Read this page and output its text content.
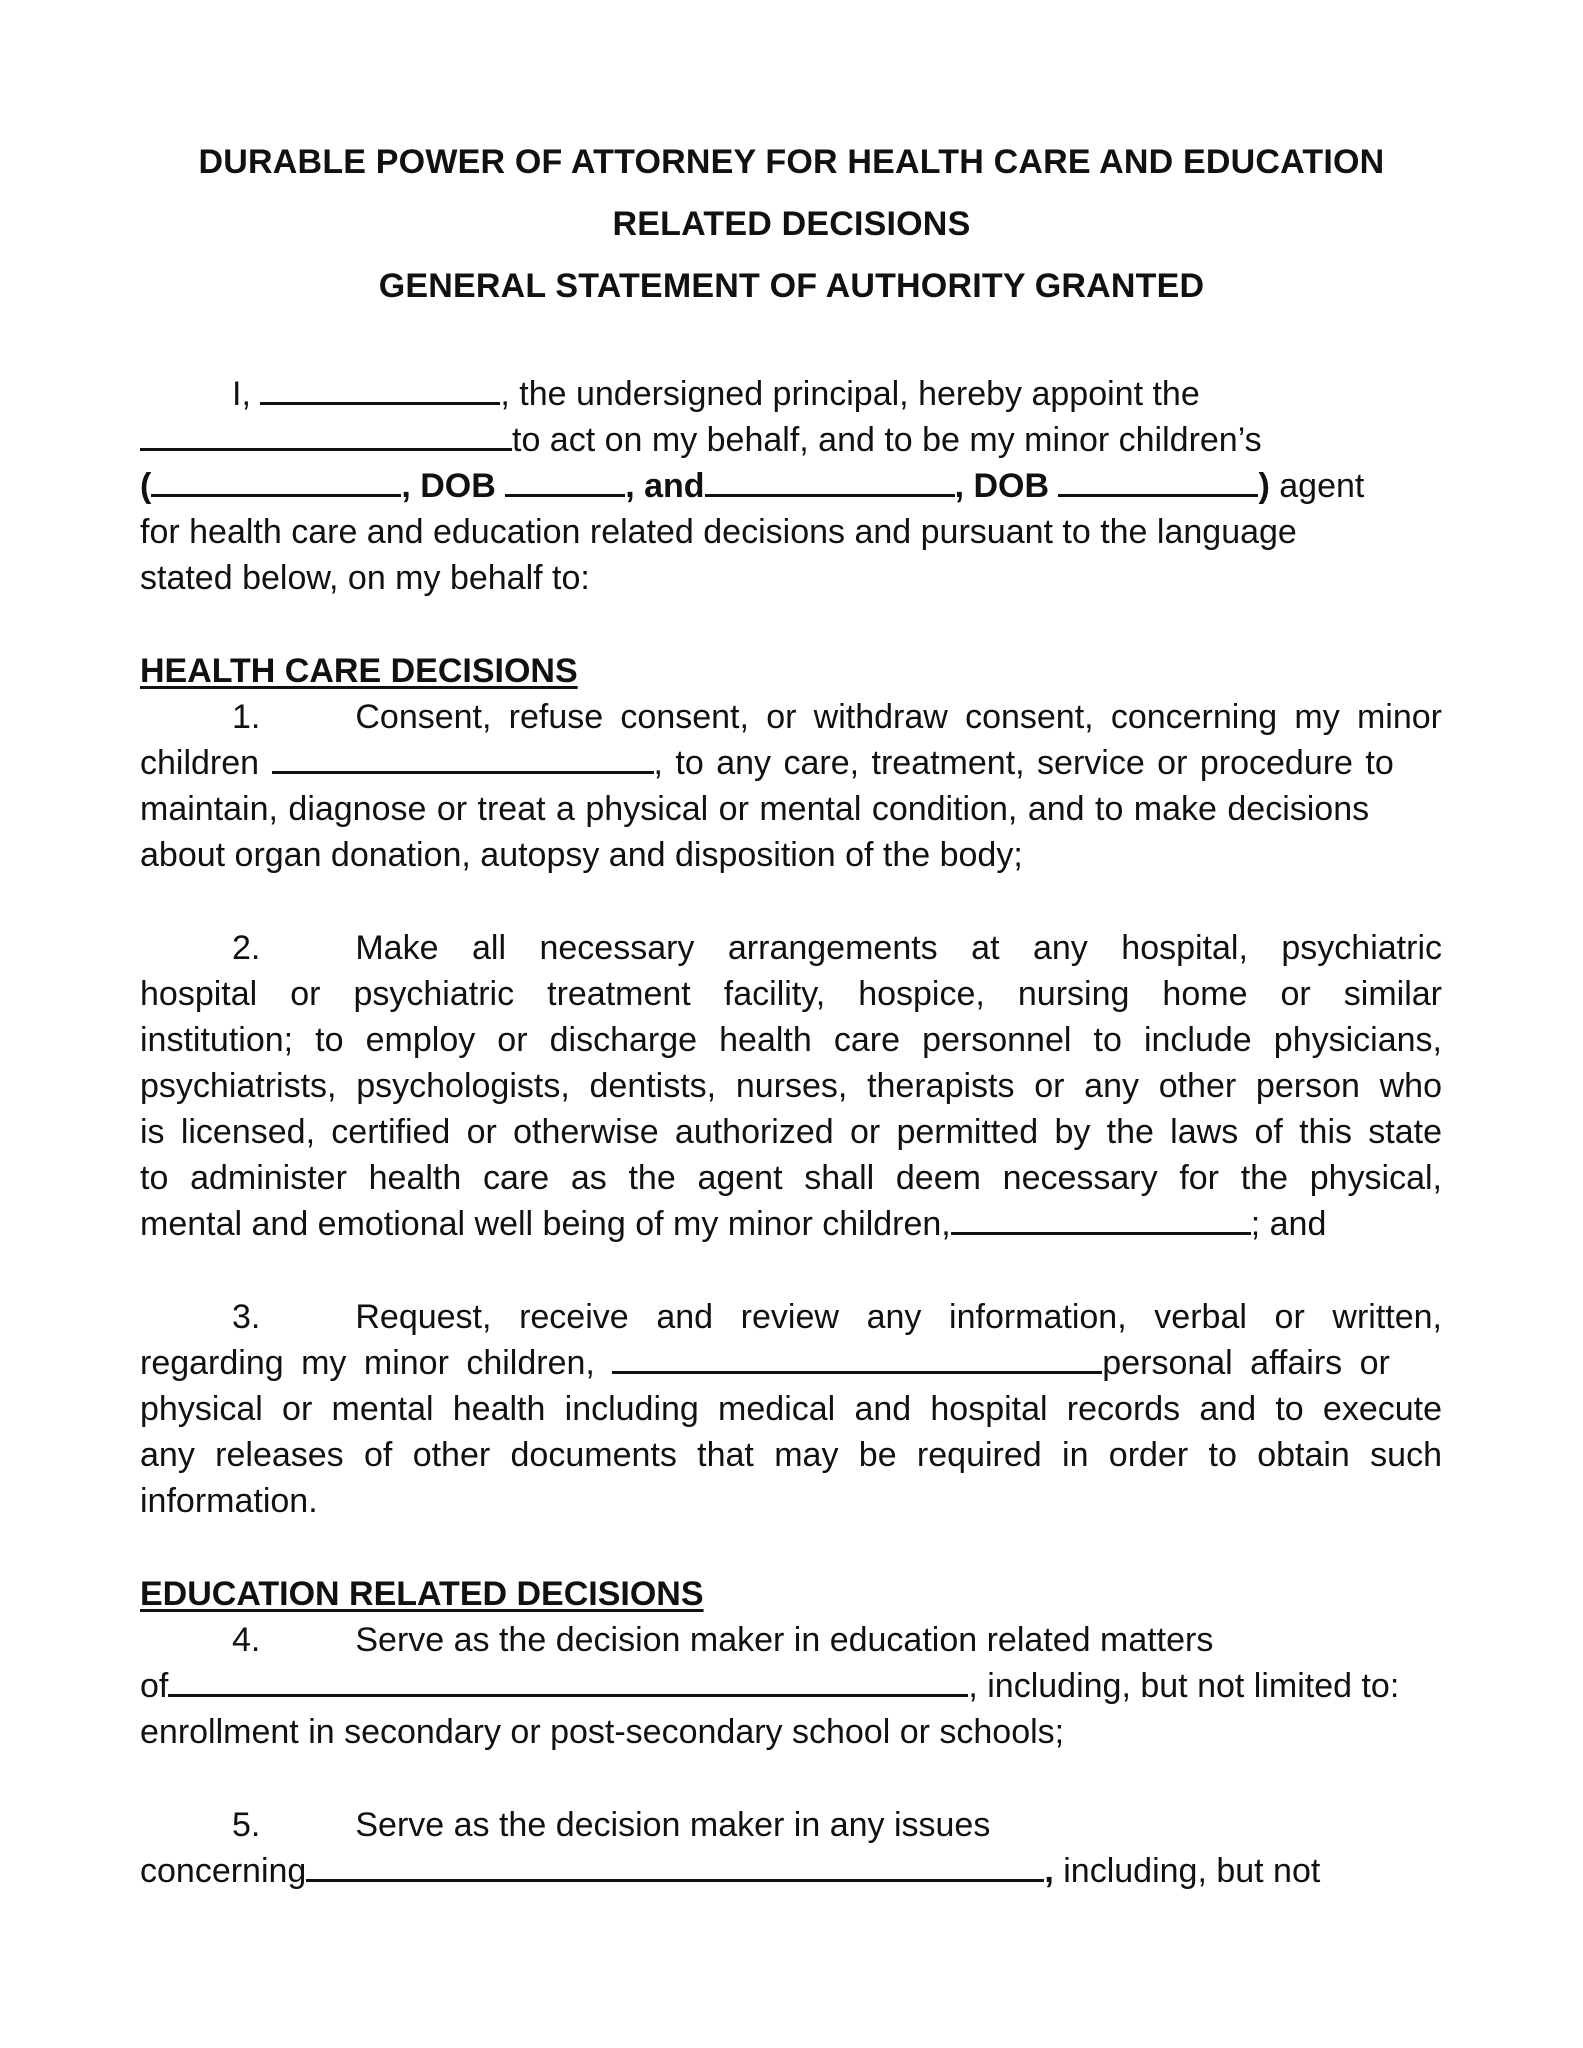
DURABLE POWER OF ATTORNEY FOR HEALTH CARE AND EDUCATION
RELATED DECISIONS
GENERAL STATEMENT OF AUTHORITY GRANTED
I,	, the undersigned principal, hereby appoint the
to act on my behalf, and to be my minor children’s
(	, DOB	, and	, DOB	) agent
for health care and education related decisions and pursuant to the language
stated below, on my behalf to:
HEALTH CARE DECISIONS
1.	Consent, refuse consent, or withdraw consent, concerning my minor
children	, to any care, treatment, service or procedure to
maintain, diagnose or treat a physical or mental condition, and to make decisions
about organ donation, autopsy and disposition of the body;
2.	Make all necessary arrangements at any hospital, psychiatric
hospital or psychiatric treatment facility, hospice, nursing home or similar
institution; to employ or discharge health care personnel to include physicians,
psychiatrists, psychologists, dentists, nurses, therapists or any other person who
is licensed, certified or otherwise authorized or permitted by the laws of this state
to administer health care as the agent shall deem necessary for the physical,
mental and emotional well being of my minor children,	; and
3.	Request, receive and review any information, verbal or written,
regarding my minor children,	personal affairs or
physical or mental health including medical and hospital records and to execute
any releases of other documents that may be required in order to obtain such
information.
EDUCATION RELATED DECISIONS
4.	Serve as the decision maker in education related matters
of	, including, but not limited to:
enrollment in secondary or post-secondary school or schools;
5.	Serve as the decision maker in any issues
concerning	, including, but not
